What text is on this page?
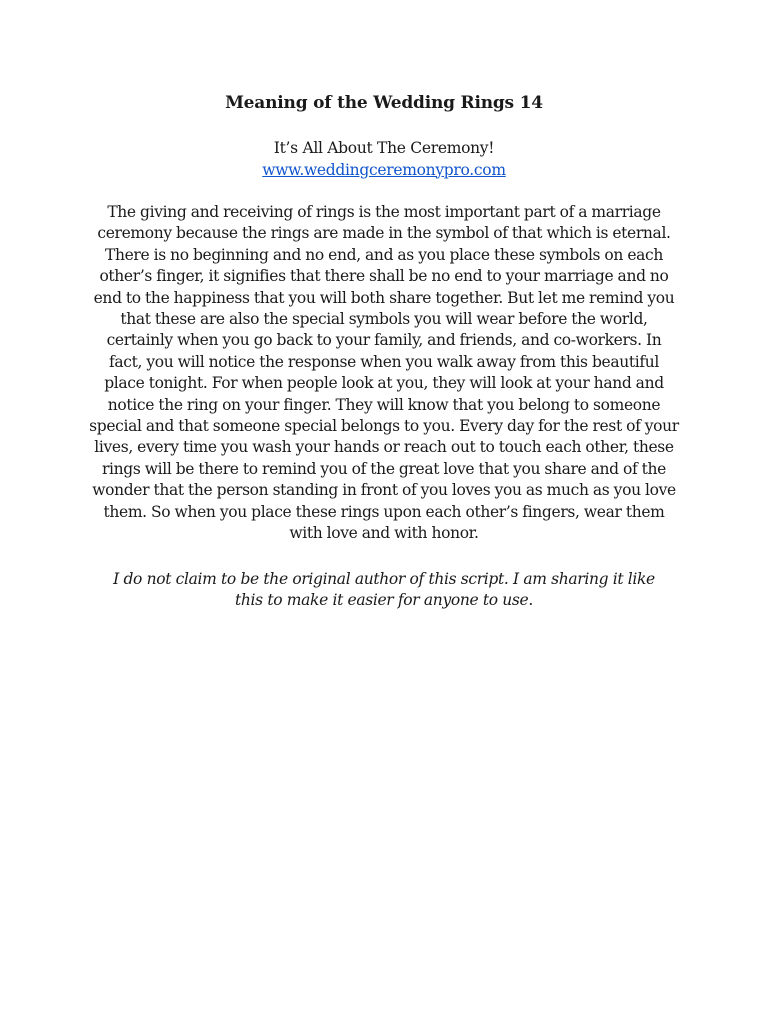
Meaning of the Wedding Rings 14

It’s All About The Ceremony!

www.weddingceremonypro.com

The giving and receiving of rings is the most important part of a marriage ceremony because the rings are made in the symbol of that which is eternal. There is no beginning and no end, and as you place these symbols on each other’s finger, it signifies that there shall be no end to your marriage and no end to the happiness that you will both share together. But let me remind you that these are also the special symbols you will wear before the world, certainly when you go back to your family, and friends, and co-workers. In fact, you will notice the response when you walk away from this beautiful place tonight. For when people look at you, they will look at your hand and notice the ring on your finger. They will know that you belong to someone special and that someone special belongs to you. Every day for the rest of your lives, every time you wash your hands or reach out to touch each other, these rings will be there to remind you of the great love that you share and of the wonder that the person standing in front of you loves you as much as you love them. So when you place these rings upon each other’s fingers, wear them with love and with honor.

I do not claim to be the original author of this script. I am sharing it like this to make it easier for anyone to use.
